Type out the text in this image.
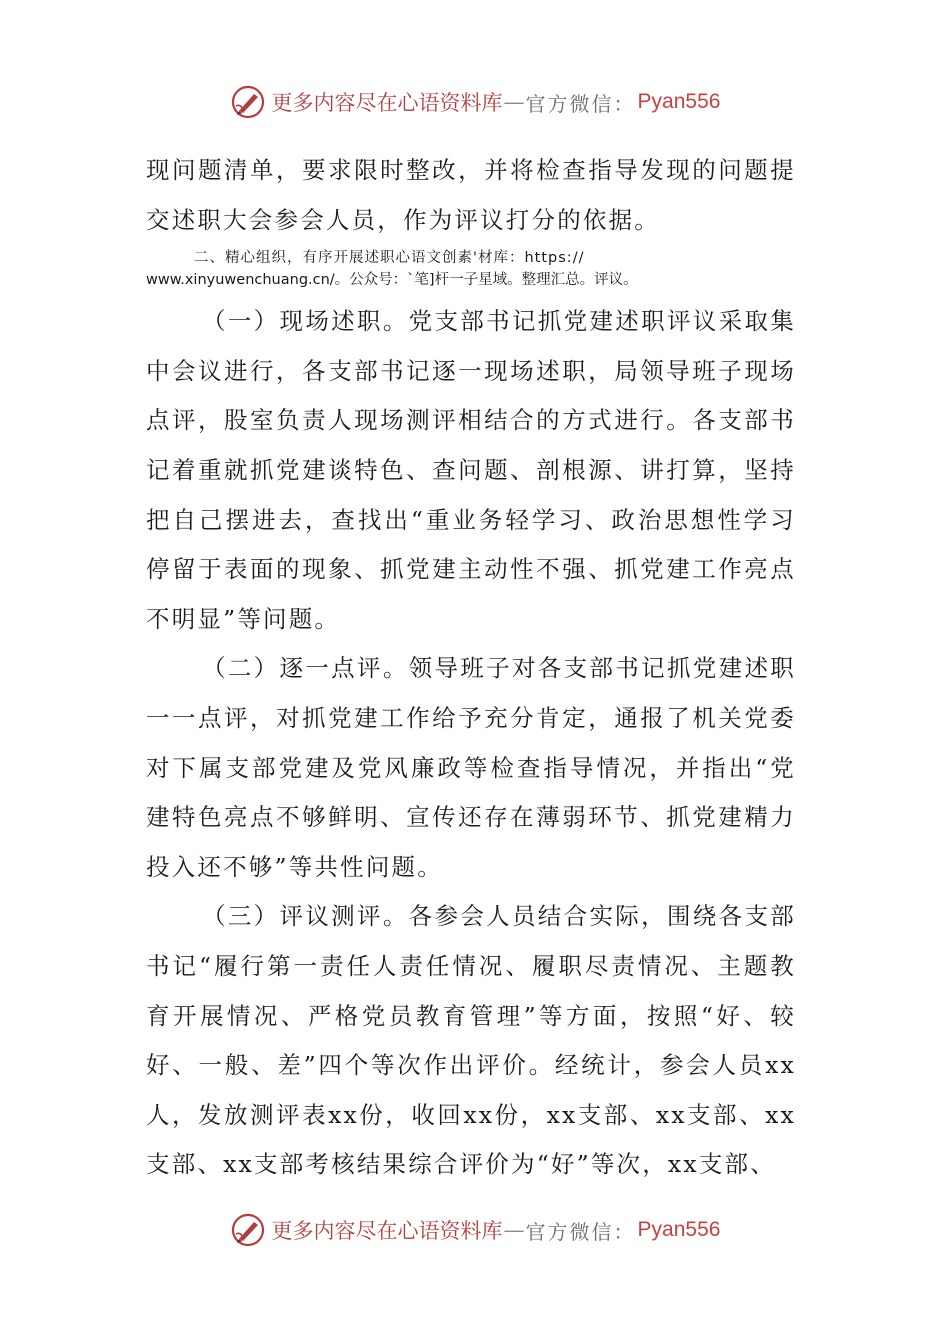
更多内容尽在心语资料库 — 官方微信： Pyan556

现问题清单，要求限时整改，并将检查指导发现的问题提交述职大会参会人员，作为评议打分的依据。

二、精心组织，有序开展述职心语文创素'材库：https://
www.xinyuwenchuang.cn/。公众号：`笔]杆一子星域。整理汇总。评议。

（一）现场述职。党支部书记抓党建述职评议采取集中会议进行，各支部书记逐一现场述职，局领导班子现场点评，股室负责人现场测评相结合的方式进行。各支部书记着重就抓党建谈特色、查问题、剖根源、讲打算，坚持把自己摆进去，查找出“重业务轻学习、政治思想性学习停留于表面的现象、抓党建主动性不强、抓党建工作亮点不明显”等问题。

（二）逐一点评。领导班子对各支部书记抓党建述职一一点评，对抓党建工作给予充分肯定，通报了机关党委对下属支部党建及党风廉政等检查指导情况，并指出“党建特色亮点不够鲜明、宣传还存在薄弱环节、抓党建精力投入还不够”等共性问题。

（三）评议测评。各参会人员结合实际，围绕各支部书记“履行第一责任人责任情况、履职尽责情况、主题教育开展情况、严格党员教育管理”等方面，按照“好、较好、一般、差”四个等次作出评价。经统计，参会人员xx人，发放测评表xx份，收回xx份，xx支部、xx支部、xx支部、xx支部考核结果综合评价为“好”等次，xx支部、

更多内容尽在心语资料库 — 官方微信： Pyan556
